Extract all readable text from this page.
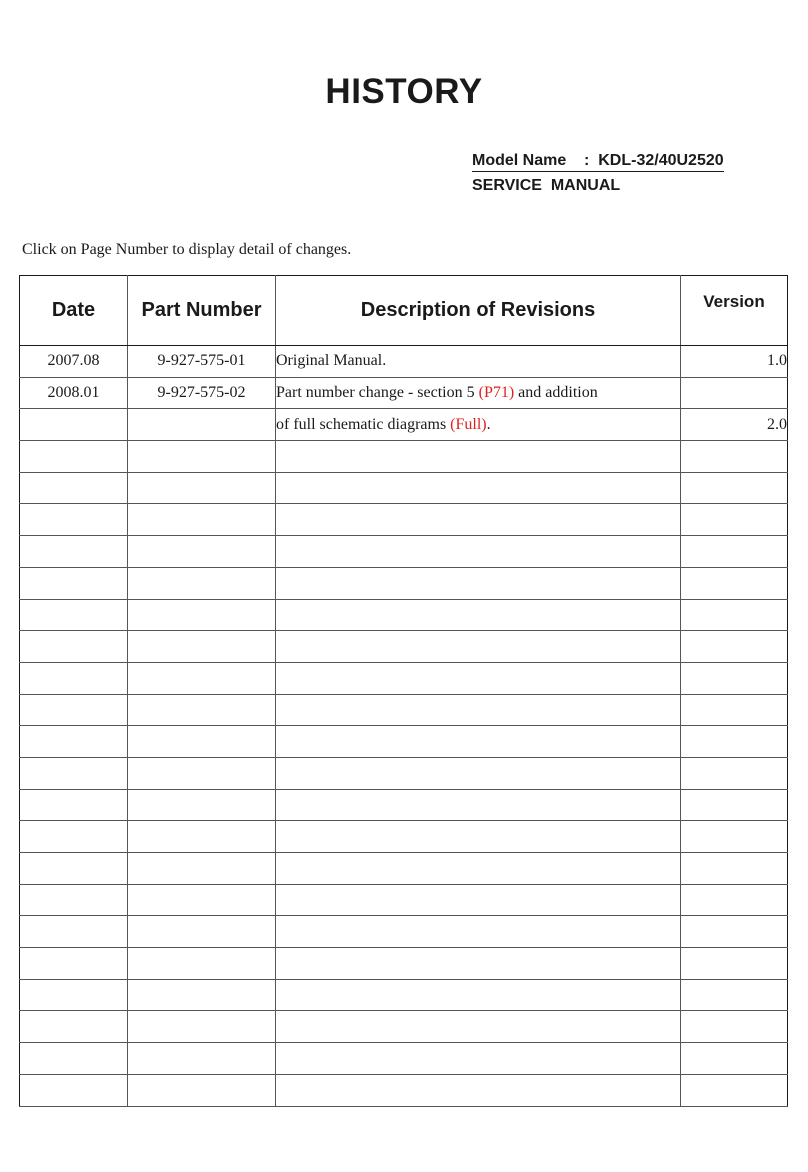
HISTORY
Model Name    :  KDL-32/40U2520
SERVICE  MANUAL
Click on Page Number to display detail of changes.
Date	Part Number	Description of Revisions	Version
2007.08	9-927-575-01	Original Manual.	1.0
2008.01	9-927-575-02	Part number change - section 5 (P71) and addition	
		of full schematic diagrams (Full).	2.0
